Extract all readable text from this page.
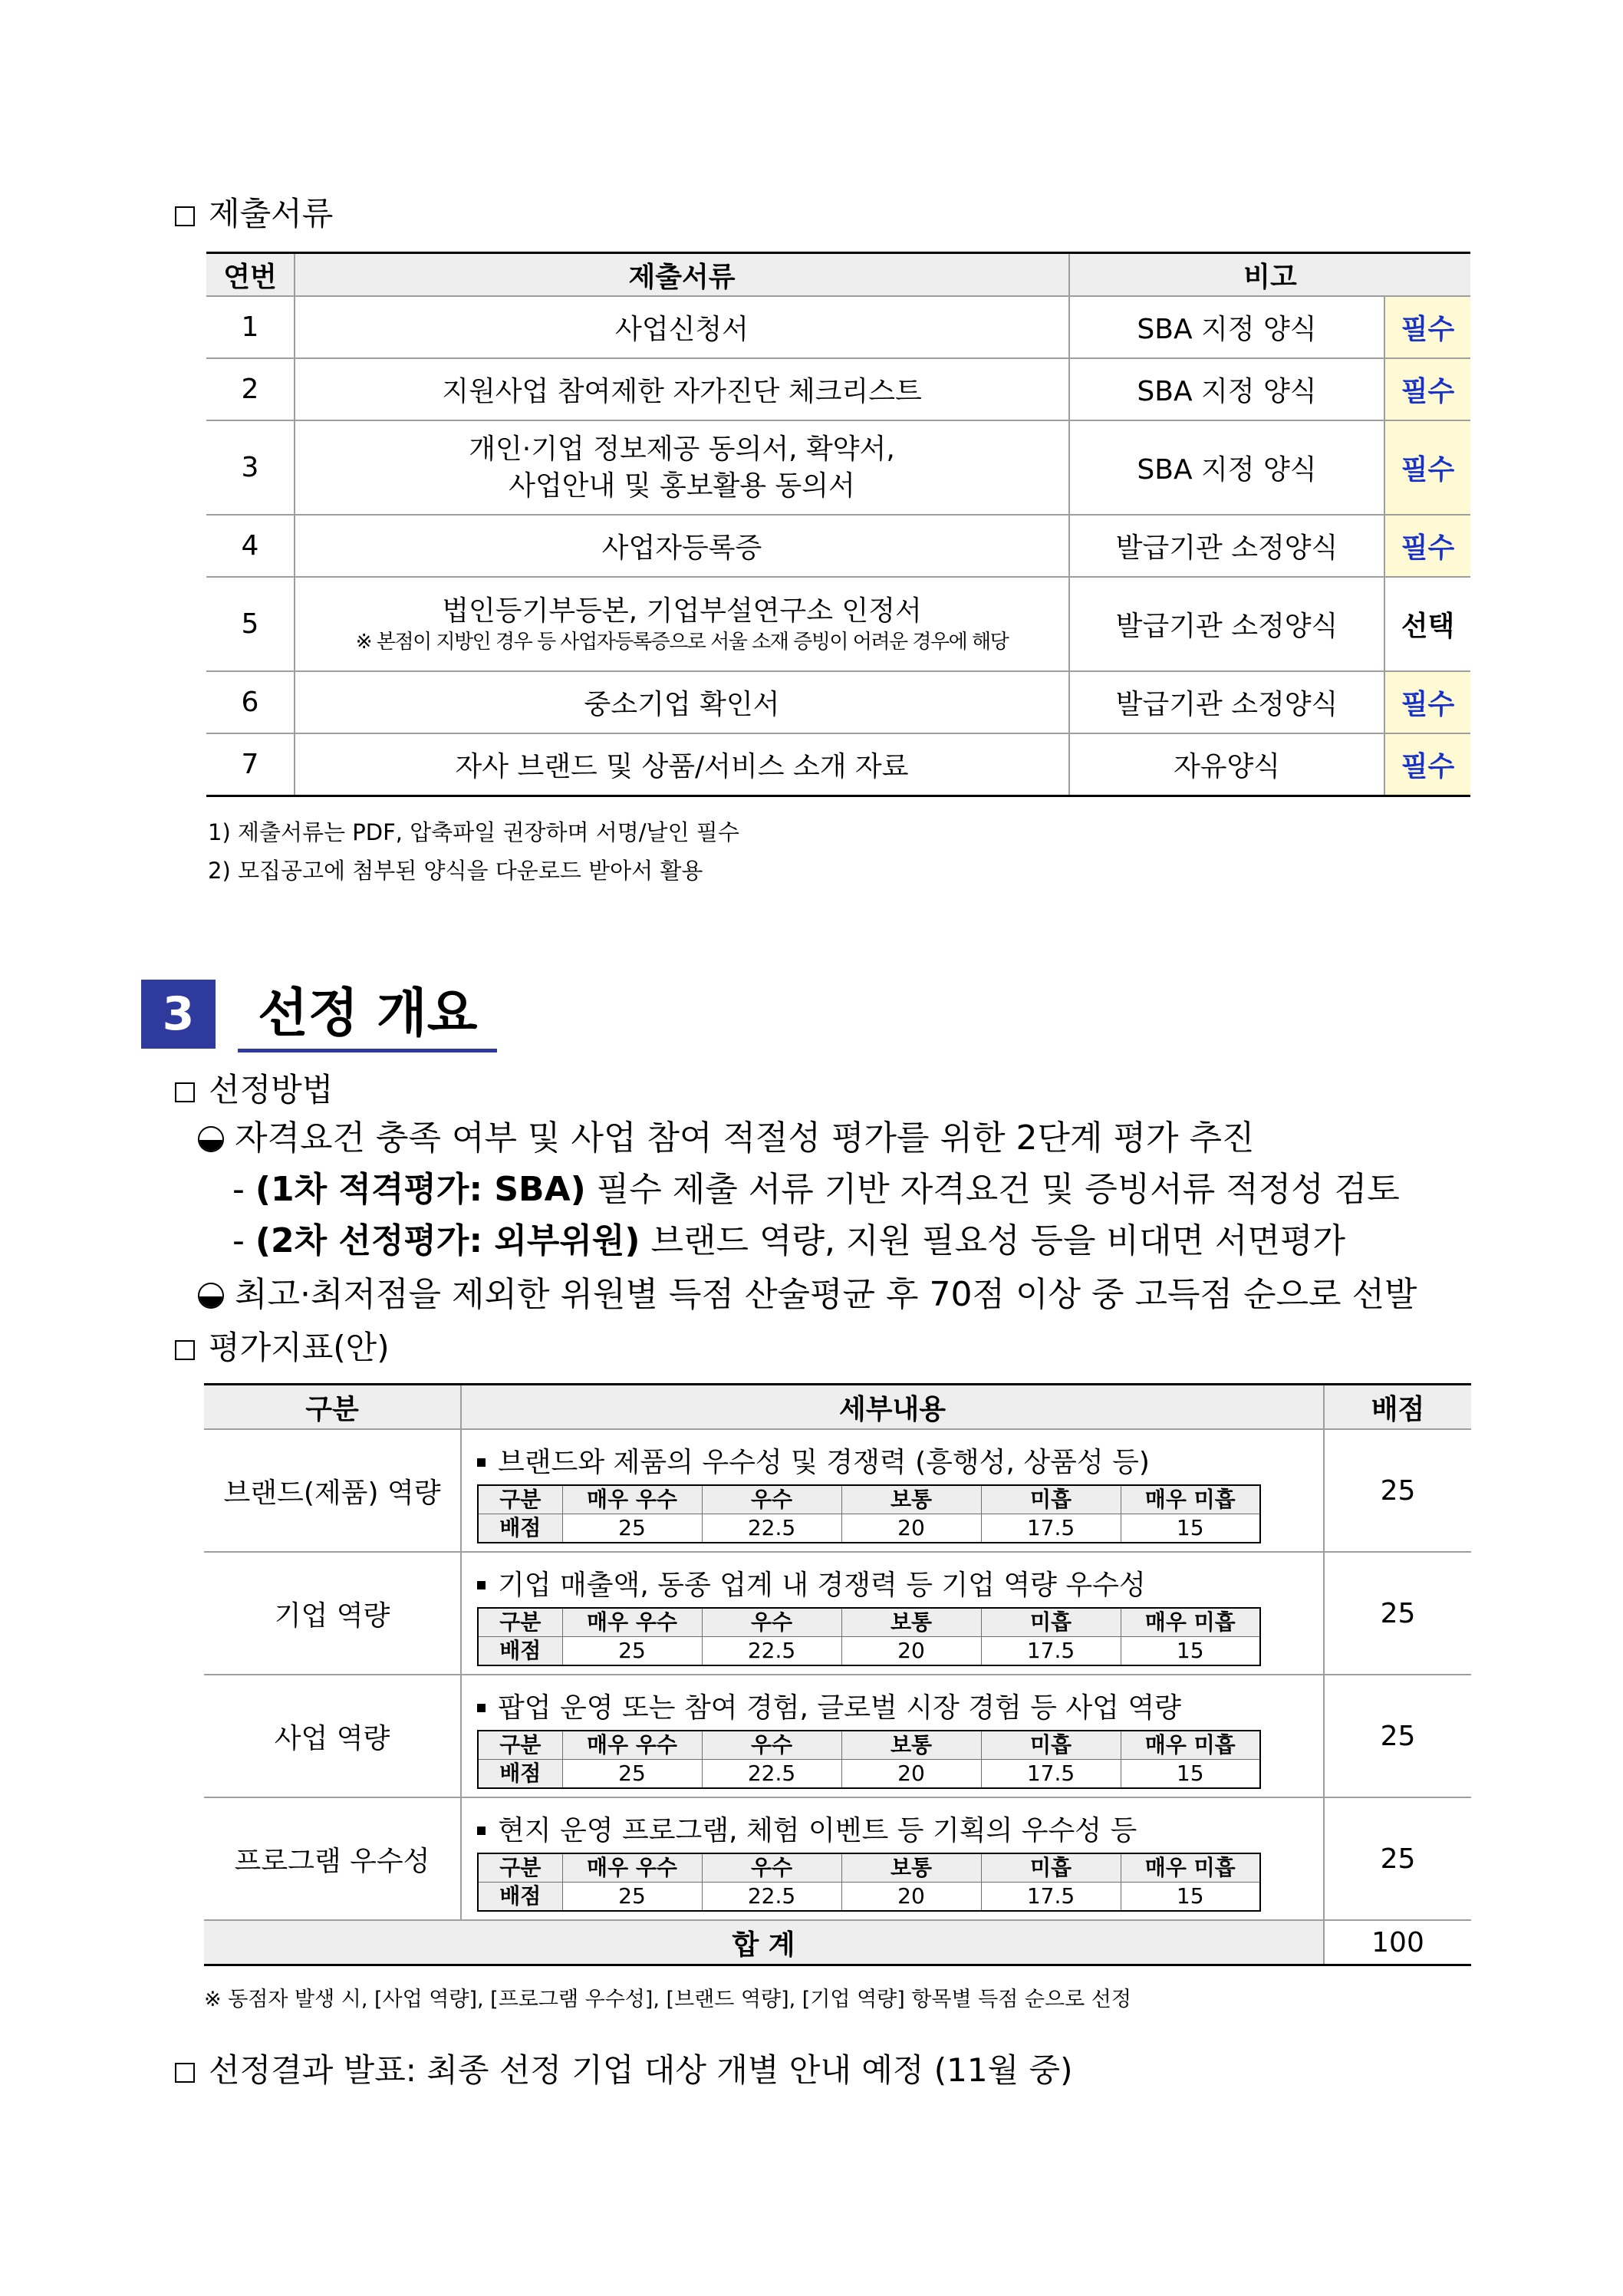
제출서류
연번	제출서류	비고	
1	사업신청서	SBA 지정 양식	필수
2	지원사업 참여제한 자가진단 체크리스트	SBA 지정 양식	필수
3	개인·기업 정보제공 동의서, 확약서,
사업안내 및 홍보활용 동의서	SBA 지정 양식	필수
4	사업자등록증	발급기관 소정양식	필수
5	법인등기부등본, 기업부설연구소 인정서
※ 본점이 지방인 경우 등 사업자등록증으로 서울 소재 증빙이 어려운 경우에 해당	발급기관 소정양식	선택
6	중소기업 확인서	발급기관 소정양식	필수
7	자사 브랜드 및 상품/서비스 소개 자료	자유양식	필수
1) 제출서류는 PDF, 압축파일 권장하며 서명/날인 필수
2) 모집공고에 첨부된 양식을 다운로드 받아서 활용
3	선정 개요
선정방법
자격요건 충족 여부 및 사업 참여 적절성 평가를 위한 2단계 평가 추진
- (1차 적격평가: SBA) 필수 제출 서류 기반 자격요건 및 증빙서류 적정성 검토
- (2차 선정평가: 외부위원) 브랜드 역량, 지원 필요성 등을 비대면 서면평가
최고·최저점을 제외한 위원별 득점 산술평균 후 70점 이상 중 고득점 순으로 선발
평가지표(안)
구분	세부내용	배점
브랜드(제품) 역량	
브랜드와 제품의 우수성 및 경쟁력 (흥행성, 상품성 등)
구분	매우 우수	우수	보통	미흡	매우 미흡
배점	25	22.5	20	17.5	15
	25
기업 역량	
기업 매출액, 동종 업계 내 경쟁력 등 기업 역량 우수성
구분	매우 우수	우수	보통	미흡	매우 미흡
배점	25	22.5	20	17.5	15
	25
사업 역량	
팝업 운영 또는 참여 경험, 글로벌 시장 경험 등 사업 역량
구분	매우 우수	우수	보통	미흡	매우 미흡
배점	25	22.5	20	17.5	15
	25
프로그램 우수성	
현지 운영 프로그램, 체험 이벤트 등 기획의 우수성 등
구분	매우 우수	우수	보통	미흡	매우 미흡
배점	25	22.5	20	17.5	15
	25
합 계	100
※ 동점자 발생 시, [사업 역량], [프로그램 우수성], [브랜드 역량], [기업 역량] 항목별 득점 순으로 선정
선정결과 발표: 최종 선정 기업 대상 개별 안내 예정 (11월 중)
